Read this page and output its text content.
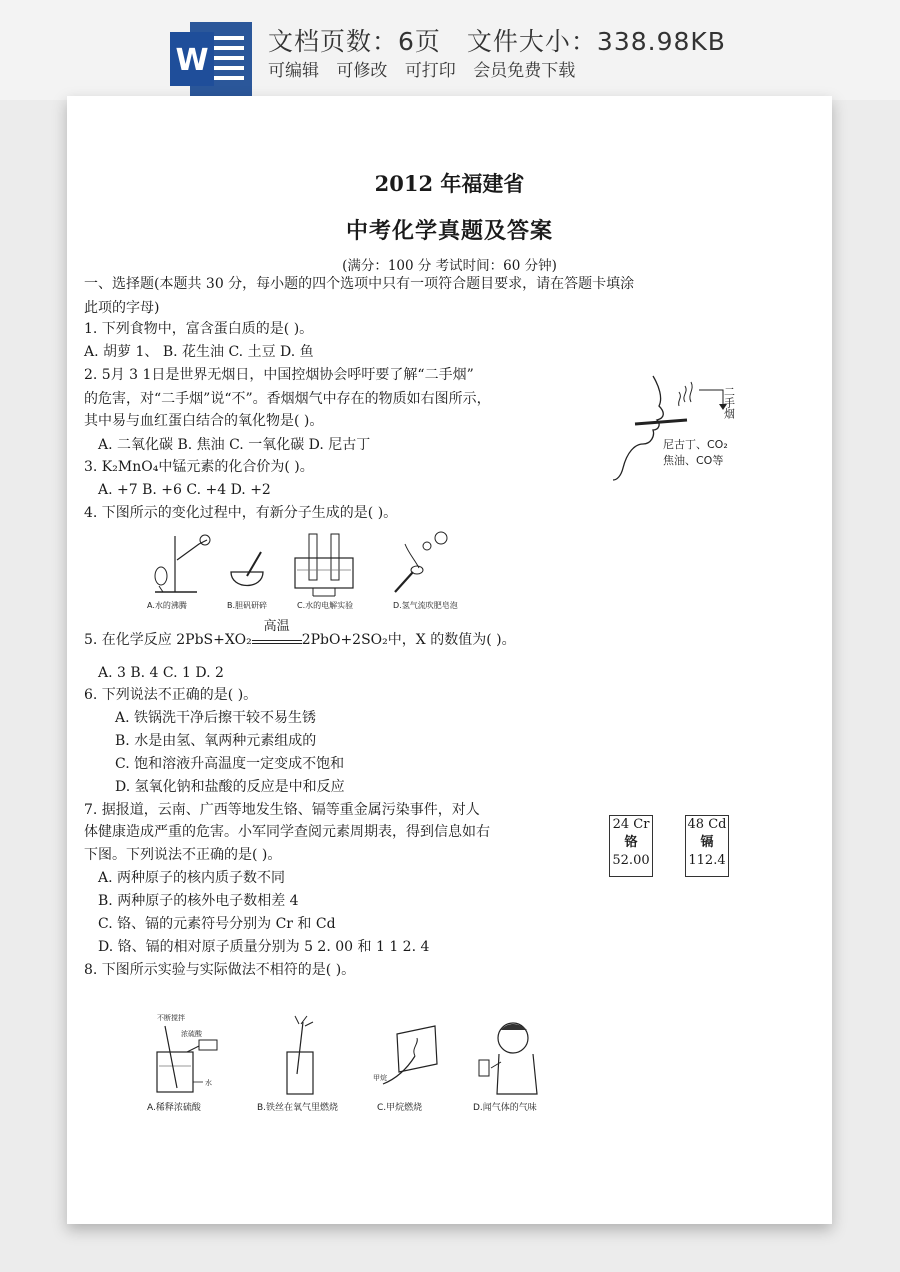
W
文档页数：6页 文件大小：338.98KB
可编辑 可修改 可打印 会员免费下载
2012 年福建省
中考化学真题及答案
(满分：100 分 考试时间：60 分钟)
一、选择题(本题共 30 分，每小题的四个选项中只有一项符合题目要求，请在答题卡填涂
此项的字母)
1. 下列食物中，富含蛋白质的是( )。
A. 胡萝 1、 B. 花生油 C. 土豆 D. 鱼
2. 5月 3 1日是世界无烟日，中国控烟协会呼吁要了解“二手烟”
的危害，对“二手烟”说“不”。香烟烟气中存在的物质如右图所示，
其中易与血红蛋白结合的氧化物是( )。
A. 二氧化碳 B. 焦油 C. 一氧化碳 D. 尼古丁
二手烟
尼古丁、CO₂
焦油、CO等
3. K₂MnO₄中锰元素的化合价为( )。
A. +7 B. +6 C. +4 D. +2
4. 下图所示的变化过程中，有新分子生成的是( )。
A.水的沸腾	B.胆矾研碎	C.水的电解实验	D.氢气流吹肥皂泡
5. 在化学反应 2PbS+XO₂
高温
2PbO+2SO₂中，X 的数值为( )。
A. 3 B. 4 C. 1 D. 2
6. 下列说法不正确的是( )。
A. 铁锅洗干净后擦干较不易生锈
B. 水是由氢、氧两种元素组成的
C. 饱和溶液升高温度一定变成不饱和
D. 氢氧化钠和盐酸的反应是中和反应
7. 据报道，云南、广西等地发生铬、镉等重金属污染事件，对人
体健康造成严重的危害。小军同学查阅元素周期表，得到信息如右
下图。下列说法不正确的是( )。
24 Cr
铬
52.00
48 Cd
镉
112.4
A. 两种原子的核内质子数不同
B. 两种原子的核外电子数相差 4
C. 铬、镉的元素符号分别为 Cr 和 Cd
D. 铬、镉的相对原子质量分别为 5 2. 00 和 1 1 2. 4
8. 下图所示实验与实际做法不相符的是( )。
不断搅拌
浓硫酸
水
甲烷
A.稀释浓硫酸	B.铁丝在氧气里燃烧	C.甲烷燃烧	D.闻气体的气味
